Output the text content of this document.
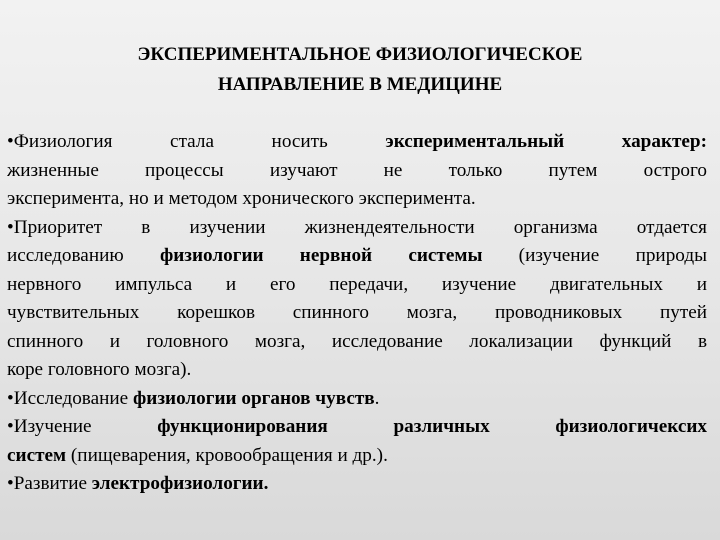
ЭКСПЕРИМЕНТАЛЬНОЕ ФИЗИОЛОГИЧЕСКОЕ
НАПРАВЛЕНИЕ В МЕДИЦИНЕ
•Физиология стала носить экспериментальный характер:
жизненные процессы изучают не только путем острого
эксперимента, но и методом хронического эксперимента.
•Приоритет в изучении жизнендеятельности организма отдается
исследованию физиологии нервной системы (изучение природы
нервного импульса и его передачи, изучение двигательных и
чувствительных корешков спинного мозга, проводниковых путей
спинного и головного мозга, исследование локализации функций в
коре головного мозга).
•Исследование физиологии органов чувств.
•Изучение функционирования различных физиологичексих
систем (пищеварения, кровообращения и др.).
•Развитие электрофизиологии.
